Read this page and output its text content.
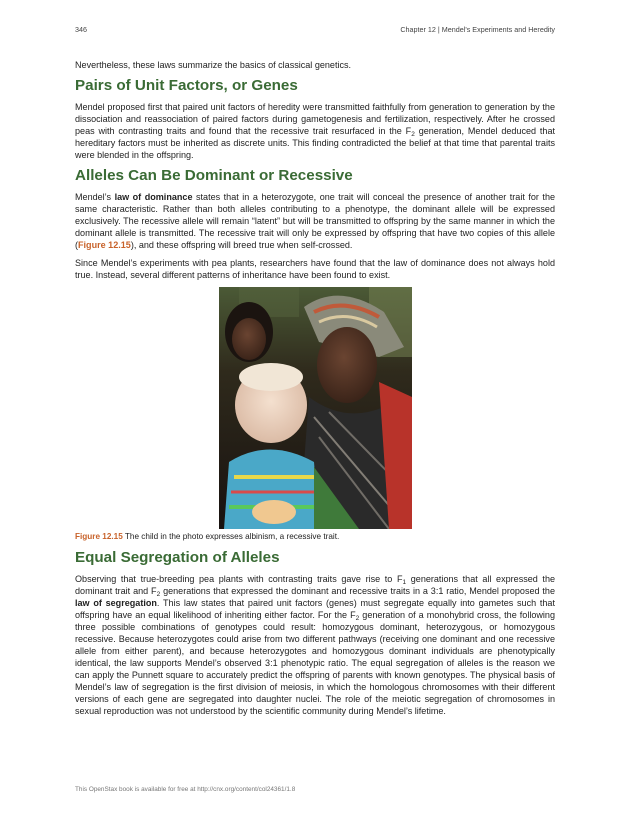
346	Chapter 12 | Mendel's Experiments and Heredity

Nevertheless, these laws summarize the basics of classical genetics.

Pairs of Unit Factors, or Genes

Mendel proposed first that paired unit factors of heredity were transmitted faithfully from generation to generation by the dissociation and reassociation of paired factors during gametogenesis and fertilization, respectively. After he crossed peas with contrasting traits and found that the recessive trait resurfaced in the $F_2$ generation, Mendel deduced that hereditary factors must be inherited as discrete units. This finding contradicted the belief at that time that parental traits were blended in the offspring.

Alleles Can Be Dominant or Recessive

Mendel’s law of dominance states that in a heterozygote, one trait will conceal the presence of another trait for the same characteristic. Rather than both alleles contributing to a phenotype, the dominant allele will be expressed exclusively. The recessive allele will remain “latent” but will be transmitted to offspring by the same manner in which the dominant allele is transmitted. The recessive trait will only be expressed by offspring that have two copies of this allele (Figure 12.15), and these offspring will breed true when self-crossed.

Since Mendel’s experiments with pea plants, researchers have found that the law of dominance does not always hold true. Instead, several different patterns of inheritance have been found to exist.

Figure 12.15 The child in the photo expresses albinism, a recessive trait.

Equal Segregation of Alleles

Observing that true-breeding pea plants with contrasting traits gave rise to $F_1$ generations that all expressed the dominant trait and $F_2$ generations that expressed the dominant and recessive traits in a 3:1 ratio, Mendel proposed the law of segregation. This law states that paired unit factors (genes) must segregate equally into gametes such that offspring have an equal likelihood of inheriting either factor. For the $F_2$ generation of a monohybrid cross, the following three possible combinations of genotypes could result: homozygous dominant, heterozygous, or homozygous recessive. Because heterozygotes could arise from two different pathways (receiving one dominant and one recessive allele from either parent), and because heterozygotes and homozygous dominant individuals are phenotypically identical, the law supports Mendel’s observed 3:1 phenotypic ratio. The equal segregation of alleles is the reason we can apply the Punnett square to accurately predict the offspring of parents with known genotypes. The physical basis of Mendel’s law of segregation is the first division of meiosis, in which the homologous chromosomes with their different versions of each gene are segregated into daughter nuclei. The role of the meiotic segregation of chromosomes in sexual reproduction was not understood by the scientific community during Mendel’s lifetime.

This OpenStax book is available for free at http://cnx.org/content/col24361/1.8
